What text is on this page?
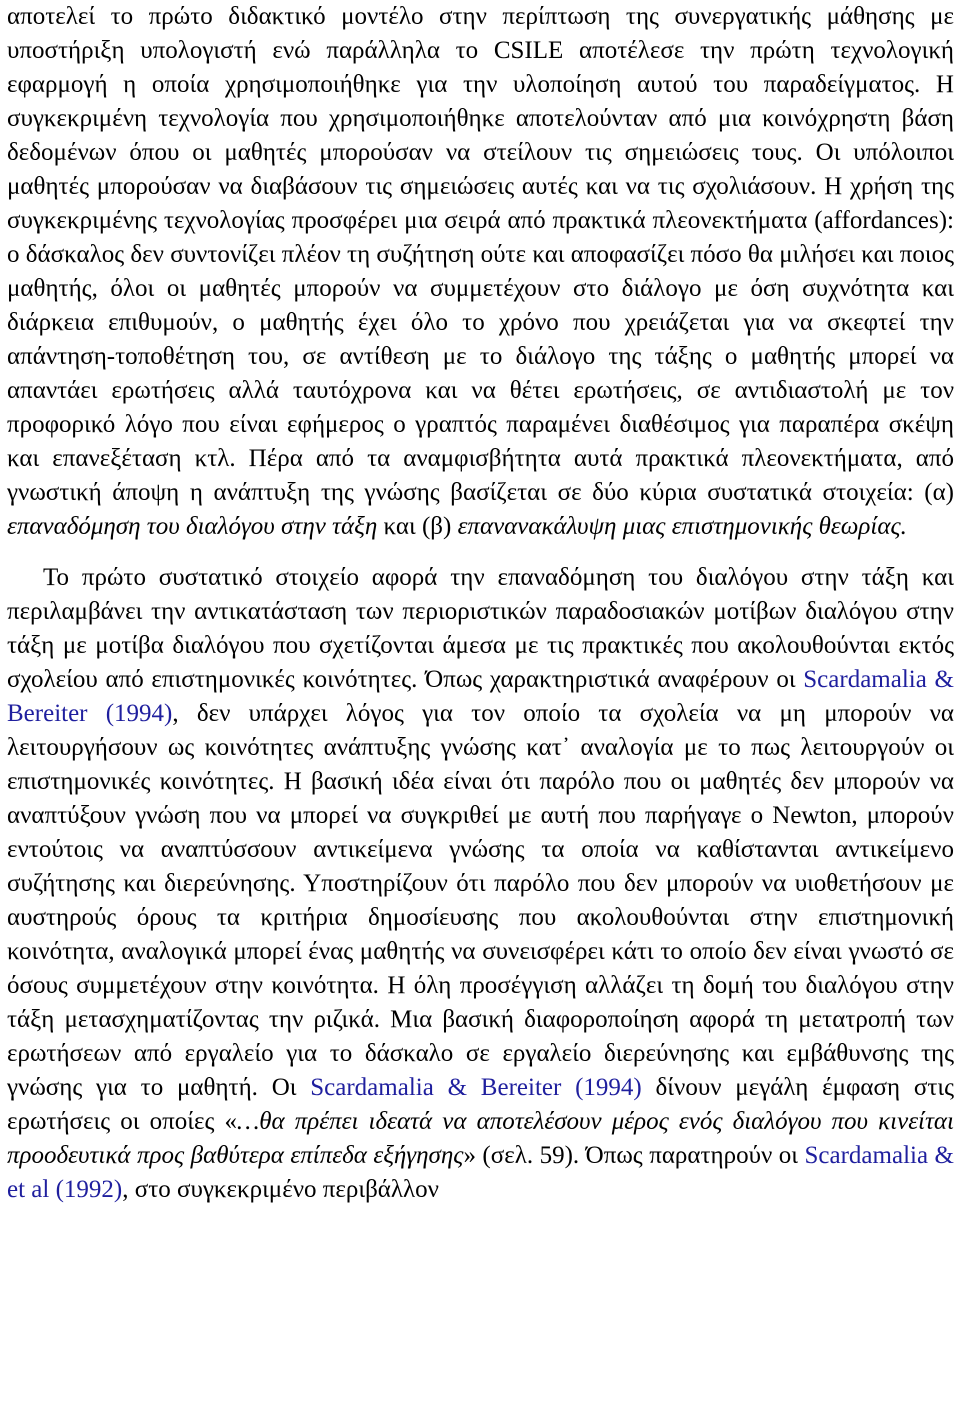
αποτελεί το πρώτο διδακτικό μοντέλο στην περίπτωση της συνεργατικής μάθησης με υποστήριξη υπολογιστή ενώ παράλληλα το CSILE αποτέλεσε την πρώτη τεχνολογική εφαρμογή η οποία χρησιμοποιήθηκε για την υλοποίηση αυτού του παραδείγματος. Η συγκεκριμένη τεχνολογία που χρησιμοποιήθηκε αποτελούνταν από μια κοινόχρηστη βάση δεδομένων όπου οι μαθητές μπορούσαν να στείλουν τις σημειώσεις τους. Οι υπόλοιποι μαθητές μπορούσαν να διαβάσουν τις σημειώσεις αυτές και να τις σχολιάσουν. Η χρήση της συγκεκριμένης τεχνολογίας προσφέρει μια σειρά από πρακτικά πλεονεκτήματα (affordances): ο δάσκαλος δεν συντονίζει πλέον τη συζήτηση ούτε και αποφασίζει πόσο θα μιλήσει και ποιος μαθητής, όλοι οι μαθητές μπορούν να συμμετέχουν στο διάλογο με όση συχνότητα και διάρκεια επιθυμούν, ο μαθητής έχει όλο το χρόνο που χρειάζεται για να σκεφτεί την απάντηση-τοποθέτηση του, σε αντίθεση με το διάλογο της τάξης ο μαθητής μπορεί να απαντάει ερωτήσεις αλλά ταυτόχρονα και να θέτει ερωτήσεις, σε αντιδιαστολή με τον προφορικό λόγο που είναι εφήμερος ο γραπτός παραμένει διαθέσιμος για παραπέρα σκέψη και επανεξέταση κτλ. Πέρα από τα αναμφισβήτητα αυτά πρακτικά πλεονεκτήματα, από γνωστική άποψη η ανάπτυξη της γνώσης βασίζεται σε δύο κύρια συστατικά στοιχεία: (α) επαναδόμηση του διαλόγου στην τάξη και (β) επανανακάλυψη μιας επιστημονικής θεωρίας.

Το πρώτο συστατικό στοιχείο αφορά την επαναδόμηση του διαλόγου στην τάξη και περιλαμβάνει την αντικατάσταση των περιοριστικών παραδοσιακών μοτίβων διαλόγου στην τάξη με μοτίβα διαλόγου που σχετίζονται άμεσα με τις πρακτικές που ακολουθούνται εκτός σχολείου από επιστημονικές κοινότητες. Όπως χαρακτηριστικά αναφέρουν οι Scardamalia & Bereiter (1994), δεν υπάρχει λόγος για τον οποίο τα σχολεία να μη μπορούν να λειτουργήσουν ως κοινότητες ανάπτυξης γνώσης κατ᾽ αναλογία με το πως λειτουργούν οι επιστημονικές κοινότητες. Η βασική ιδέα είναι ότι παρόλο που οι μαθητές δεν μπορούν να αναπτύξουν γνώση που να μπορεί να συγκριθεί με αυτή που παρήγαγε ο Newton, μπορούν εντούτοις να αναπτύσσουν αντικείμενα γνώσης τα οποία να καθίστανται αντικείμενο συζήτησης και διερεύνησης. Υποστηρίζουν ότι παρόλο που δεν μπορούν να υιοθετήσουν με αυστηρούς όρους τα κριτήρια δημοσίευσης που ακολουθούνται στην επιστημονική κοινότητα, αναλογικά μπορεί ένας μαθητής να συνεισφέρει κάτι το οποίο δεν είναι γνωστό σε όσους συμμετέχουν στην κοινότητα. Η όλη προσέγγιση αλλάζει τη δομή του διαλόγου στην τάξη μετασχηματίζοντας την ριζικά. Μια βασική διαφοροποίηση αφορά τη μετατροπή των ερωτήσεων από εργαλείο για το δάσκαλο σε εργαλείο διερεύνησης και εμβάθυνσης της γνώσης για το μαθητή. Οι Scardamalia & Bereiter (1994) δίνουν μεγάλη έμφαση στις ερωτήσεις οι οποίες «…θα πρέπει ιδεατά να αποτελέσουν μέρος ενός διαλόγου που κινείται προοδευτικά προς βαθύτερα επίπεδα εξήγησης» (σελ. 59). Όπως παρατηρούν οι Scardamalia & et al (1992), στο συγκεκριμένο περιβάλλον
